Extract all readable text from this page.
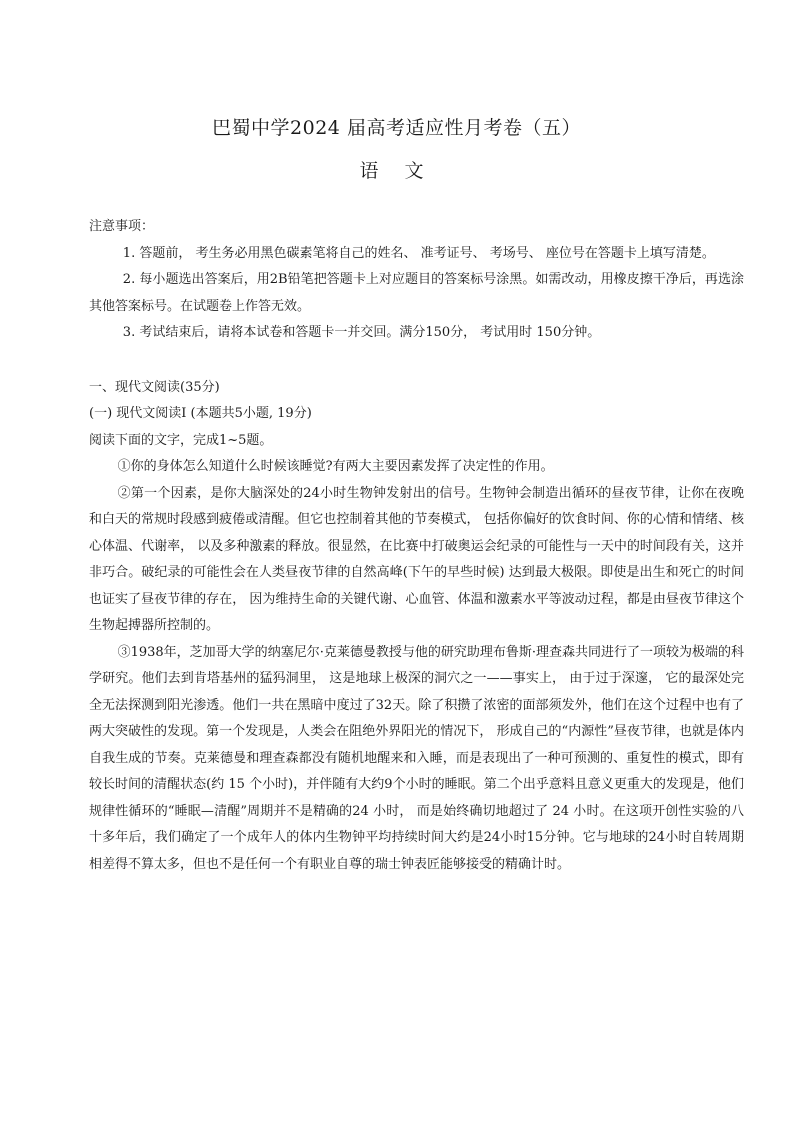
巴蜀中学2024 届高考适应性月考卷（五）
语 文

注意事项：

1. 答题前， 考生务必用黑色碳素笔将自己的姓名、 准考证号、 考场号、 座位号在答题卡上填写清楚。

2. 每小题选出答案后，用2B铅笔把答题卡上对应题目的答案标号涂黑。如需改动，用橡皮擦干净后，再选涂其他答案标号。在试题卷上作答无效。

3. 考试结束后，请将本试卷和答题卡一并交回。满分150分， 考试用时 150分钟。

一、现代文阅读(35分)

(一) 现代文阅读Ⅰ (本题共5小题, 19分)

阅读下面的文字，完成1~5题。

①你的身体怎么知道什么时候该睡觉?有两大主要因素发挥了决定性的作用。

②第一个因素，是你大脑深处的24小时生物钟发射出的信号。生物钟会制造出循环的昼夜节律，让你在夜晚和白天的常规时段感到疲倦或清醒。但它也控制着其他的节奏模式， 包括你偏好的饮食时间、你的心情和情绪、核心体温、代谢率， 以及多种激素的释放。很显然，在比赛中打破奥运会纪录的可能性与一天中的时间段有关，这并非巧合。破纪录的可能性会在人类昼夜节律的自然高峰(下午的早些时候) 达到最大极限。即使是出生和死亡的时间也证实了昼夜节律的存在， 因为维持生命的关键代谢、心血管、体温和激素水平等波动过程，都是由昼夜节律这个生物起搏器所控制的。

③1938年，芝加哥大学的纳塞尼尔·克莱德曼教授与他的研究助理布鲁斯·理查森共同进行了一项较为极端的科学研究。他们去到肯塔基州的猛犸洞里， 这是地球上极深的洞穴之一——事实上， 由于过于深邃， 它的最深处完全无法探测到阳光渗透。他们一共在黑暗中度过了32天。除了积攒了浓密的面部须发外，他们在这个过程中也有了两大突破性的发现。第一个发现是，人类会在阻绝外界阳光的情况下， 形成自己的“内源性”昼夜节律，也就是体内自我生成的节奏。克莱德曼和理查森都没有随机地醒来和入睡，而是表现出了一种可预测的、重复性的模式，即有较长时间的清醒状态(约 15 个小时)，并伴随有大约9个小时的睡眠。第二个出乎意料且意义更重大的发现是，他们规律性循环的“睡眠—清醒”周期并不是精确的24 小时， 而是始终确切地超过了 24 小时。在这项开创性实验的八十多年后，我们确定了一个成年人的体内生物钟平均持续时间大约是24小时15分钟。它与地球的24小时自转周期相差得不算太多，但也不是任何一个有职业自尊的瑞士钟表匠能够接受的精确计时。
